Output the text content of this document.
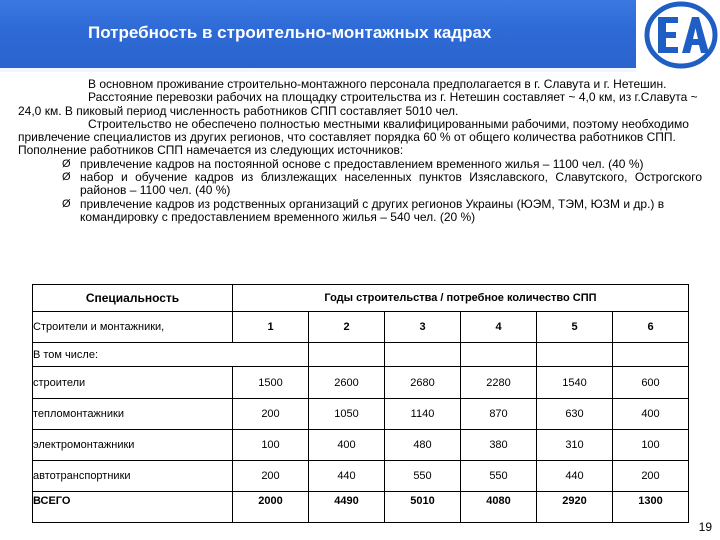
Потребность в строительно-монтажных кадрах

В основном проживание строительно-монтажного персонала предполагается в г. Славута и г. Нетешин.

Расстояние перевозки рабочих на площадку строительства из г. Нетешин составляет ~ 4,0 км, из г.Славута ~ 24,0 км. В пиковый период численность работников СПП составляет 5010 чел.

Строительство не обеспечено полностью местными квалифицированными рабочими, поэтому необходимо привлечение специалистов из других регионов, что составляет порядка 60 % от общего количества работников СПП.

Пополнение работников СПП намечается из следующих источников:

Ø привлечение кадров на постоянной основе с предоставлением временного жилья – 1100 чел. (40 %)
Ø набор и обучение кадров из близлежащих населенных пунктов Изяславского, Славутского, Острогского районов – 1100 чел. (40 %)
Ø привлечение кадров из родственных организаций с других регионов Украины (ЮЭМ, ТЭМ, ЮЗМ и др.) в командировку с предоставлением временного жилья – 540 чел. (20 %)
Специальность	Годы строительства / потребное количество СПП					
Строители и монтажники,	1	2	3	4	5	6
В том числе:						
строители	1500	2600	2680	2280	1540	600
тепломонтажники	200	1050	1140	870	630	400
электромонтажники	100	400	480	380	310	100
автотранспортники	200	440	550	550	440	200
ВСЕГО	2000	4490	5010	4080	2920	1300
19
